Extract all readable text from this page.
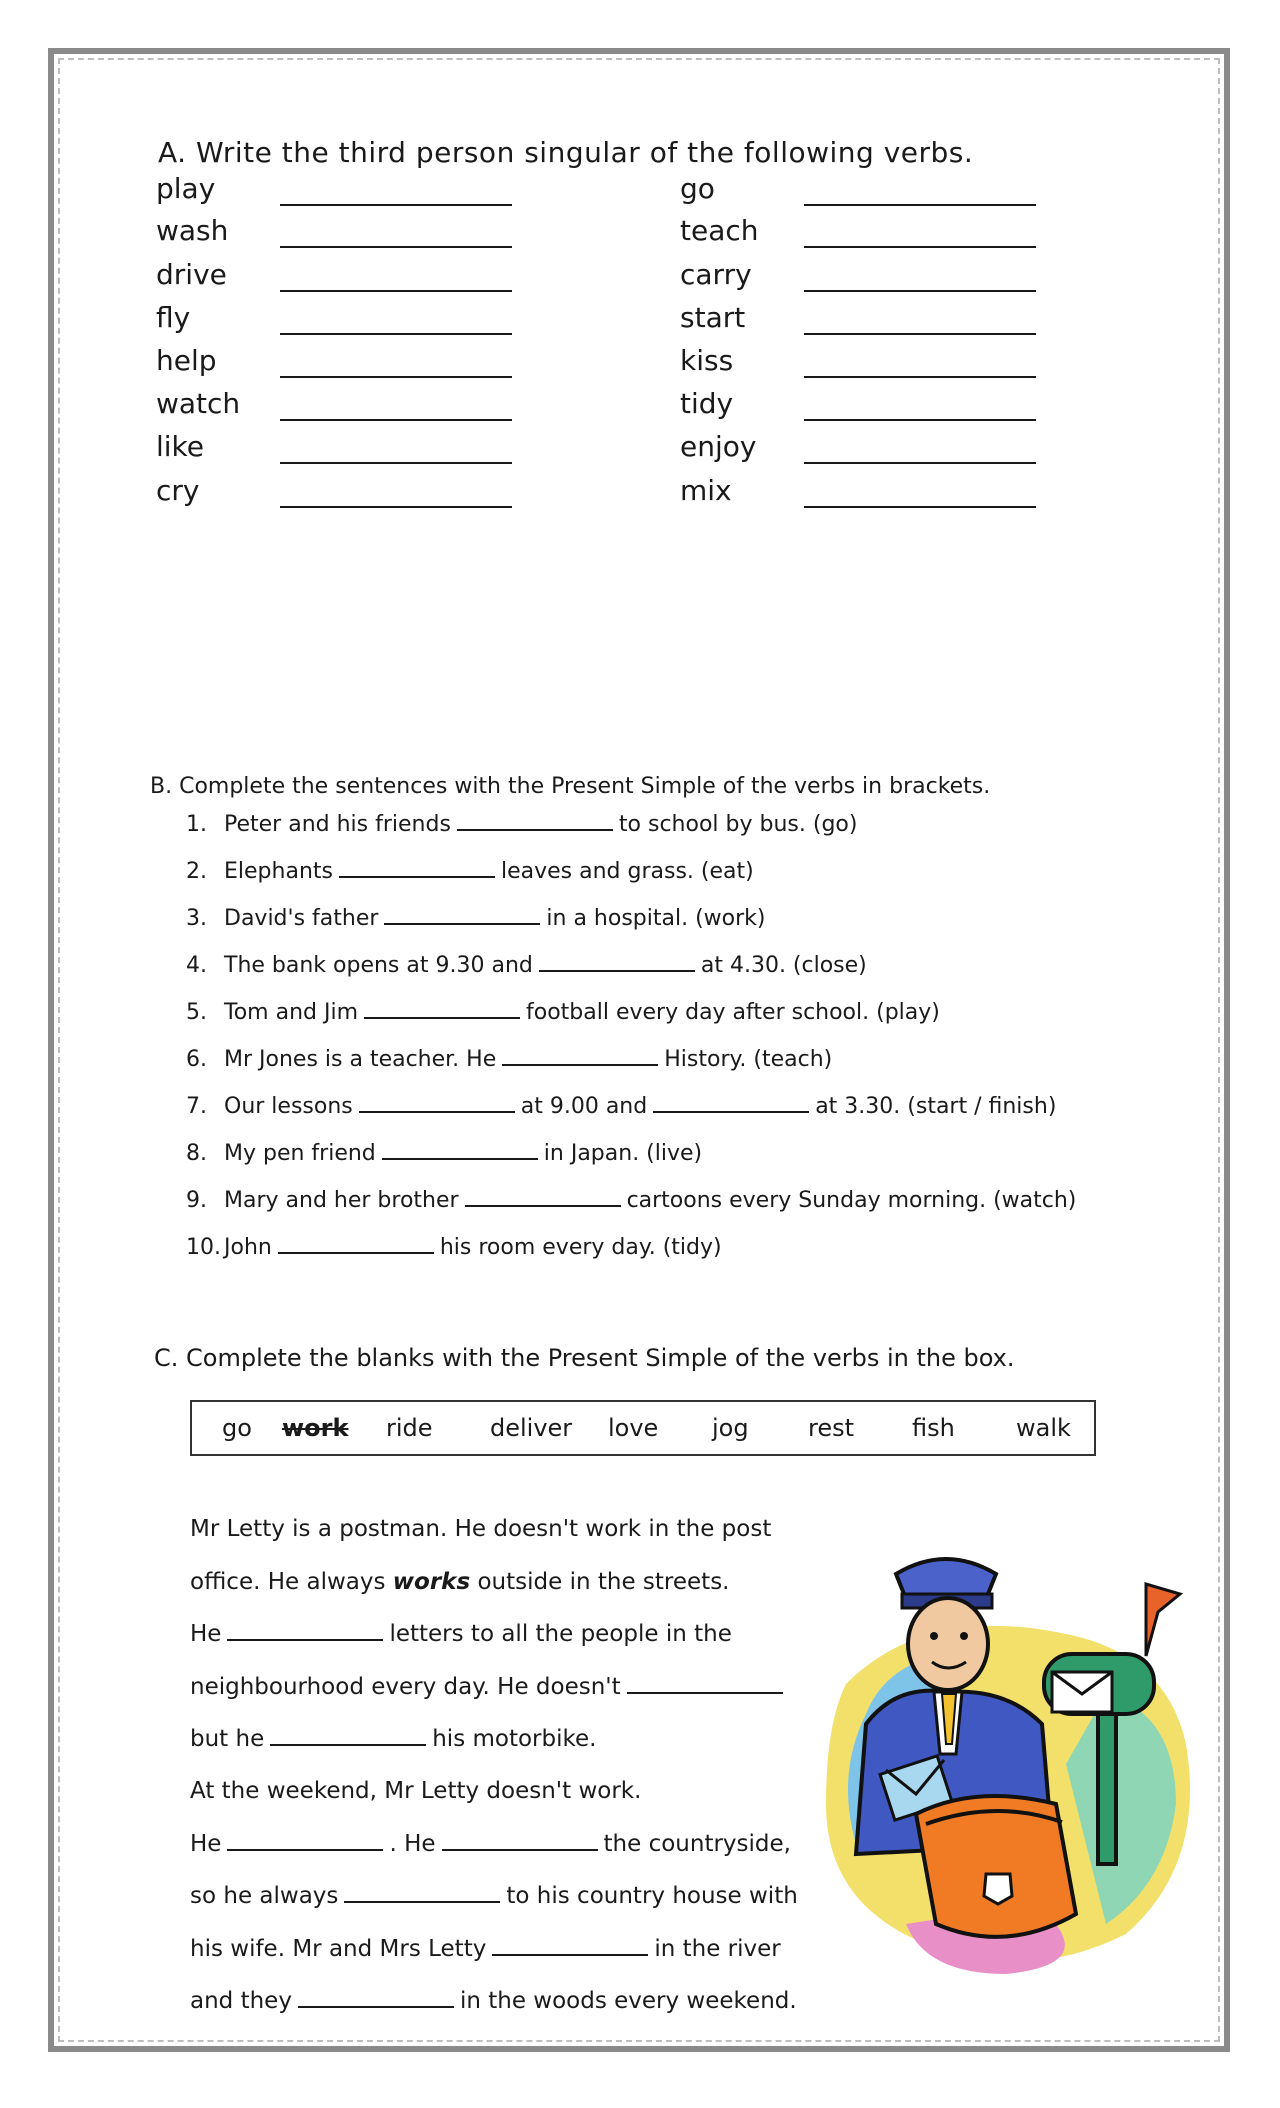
A. Write the third person singular of the following verbs.
play
wash
drive
fly
help
watch
like
cry
go
teach
carry
start
kiss
tidy
enjoy
mix
B. Complete the sentences with the Present Simple of the verbs in brackets.
1. Peter and his friends	to school by bus. (go)
2. Elephants	leaves and grass. (eat)
3. David's father	in a hospital. (work)
4. The bank opens at 9.30 and	at 4.30. (close)
5. Tom and Jim	football every day after school. (play)
6. Mr Jones is a teacher. He	History. (teach)
7. Our lessons	at 9.00 and	at 3.30. (start / finish)
8. My pen friend	in Japan. (live)
9. Mary and her brother	cartoons every Sunday morning. (watch)
10. John	his room every day. (tidy)
C. Complete the blanks with the Present Simple of the verbs in the box.
go	work	ride	deliver	love	jog	rest	fish	walk
Mr Letty is a postman. He doesn't work in the post
office. He always works outside in the streets.
He	letters to all the people in the
neighbourhood every day. He doesn't
but he	his motorbike.
At the weekend, Mr Letty doesn't work.
He	. He	the countryside,
so he always	to his country house with
his wife. Mr and Mrs Letty	in the river
and they	in the woods every weekend.
